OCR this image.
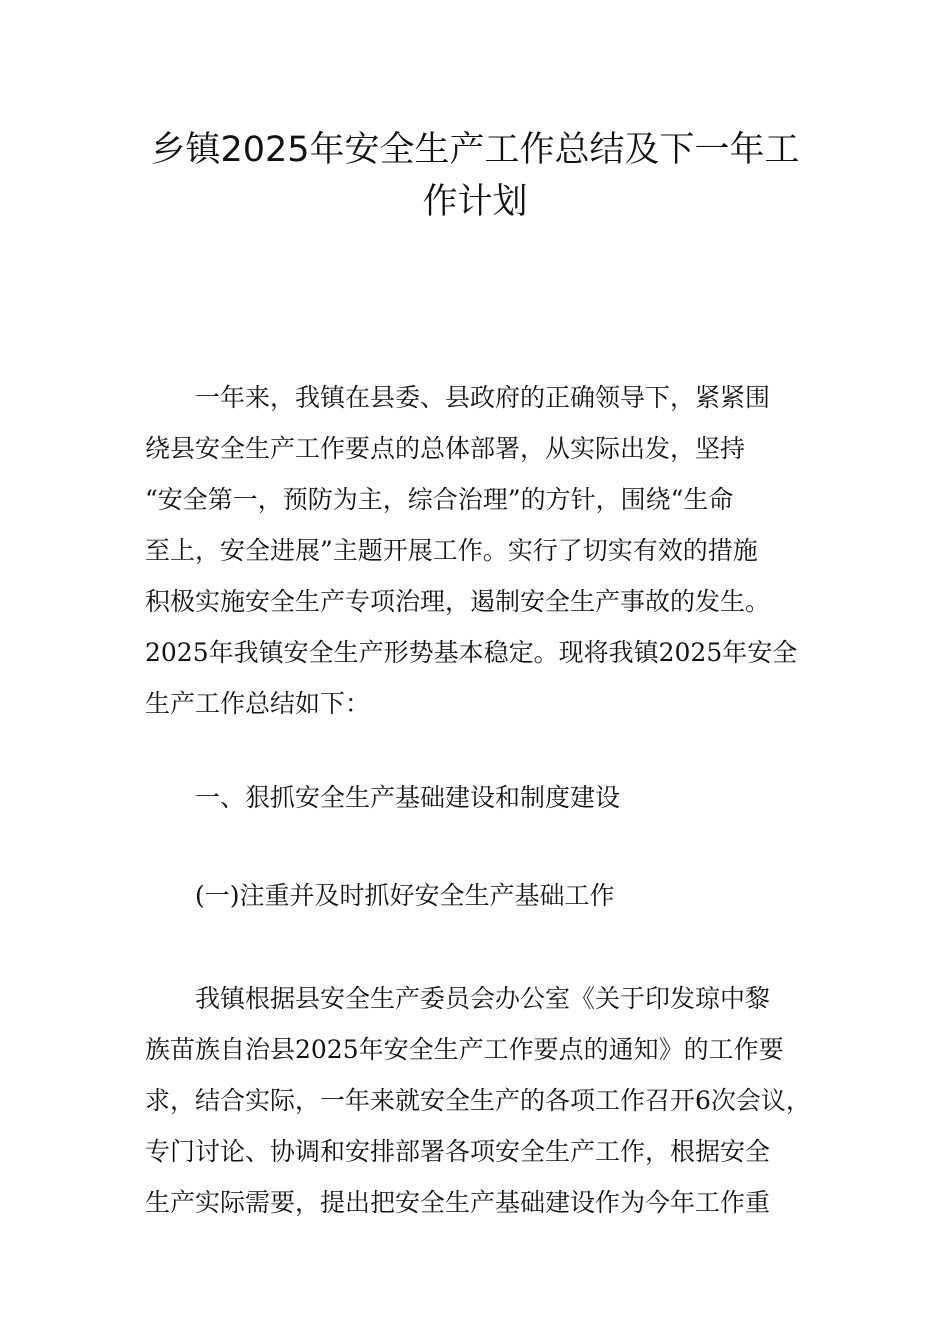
乡镇2025年安全生产工作总结及下一年工
作计划

一年来，我镇在县委、县政府的正确领导下，紧紧围
绕县安全生产工作要点的总体部署，从实际出发，坚持
“安全第一，预防为主，综合治理”的方针，围绕“生命
至上，安全进展”主题开展工作。实行了切实有效的措施
积极实施安全生产专项治理，遏制安全生产事故的发生。
2025年我镇安全生产形势基本稳定。现将我镇2025年安全
生产工作总结如下：

一、狠抓安全生产基础建设和制度建设

(一)注重并及时抓好安全生产基础工作

我镇根据县安全生产委员会办公室《关于印发琼中黎
族苗族自治县2025年安全生产工作要点的通知》的工作要
求，结合实际，一年来就安全生产的各项工作召开6次会议，
专门讨论、协调和安排部署各项安全生产工作，根据安全
生产实际需要，提出把安全生产基础建设作为今年工作重
